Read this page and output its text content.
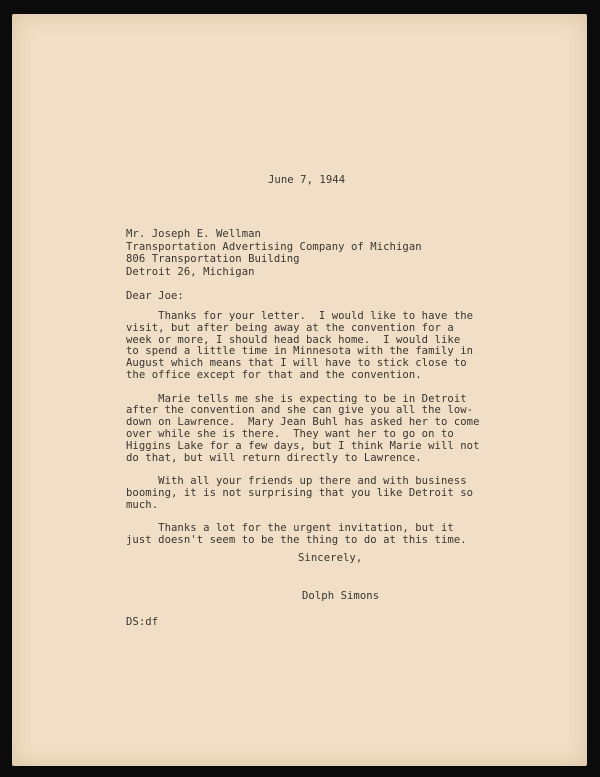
June 7, 1944

Mr. Joseph E. Wellman

Transportation Advertising Company of Michigan

806 Transportation Building

Detroit 26, Michigan

Dear Joe:

Thanks for your letter.  I would like to have the

visit, but after being away at the convention for a

week or more, I should head back home.  I would like

to spend a little time in Minnesota with the family in

August which means that I will have to stick close to

the office except for that and the convention.

Marie tells me she is expecting to be in Detroit

after the convention and she can give you all the low-

down on Lawrence.  Mary Jean Buhl has asked her to come

over while she is there.  They want her to go on to

Higgins Lake for a few days, but I think Marie will not

do that, but will return directly to Lawrence.

With all your friends up there and with business

booming, it is not surprising that you like Detroit so

much.

Thanks a lot for the urgent invitation, but it

just doesn't seem to be the thing to do at this time.

Sincerely,
Dolph Simons
DS:df
